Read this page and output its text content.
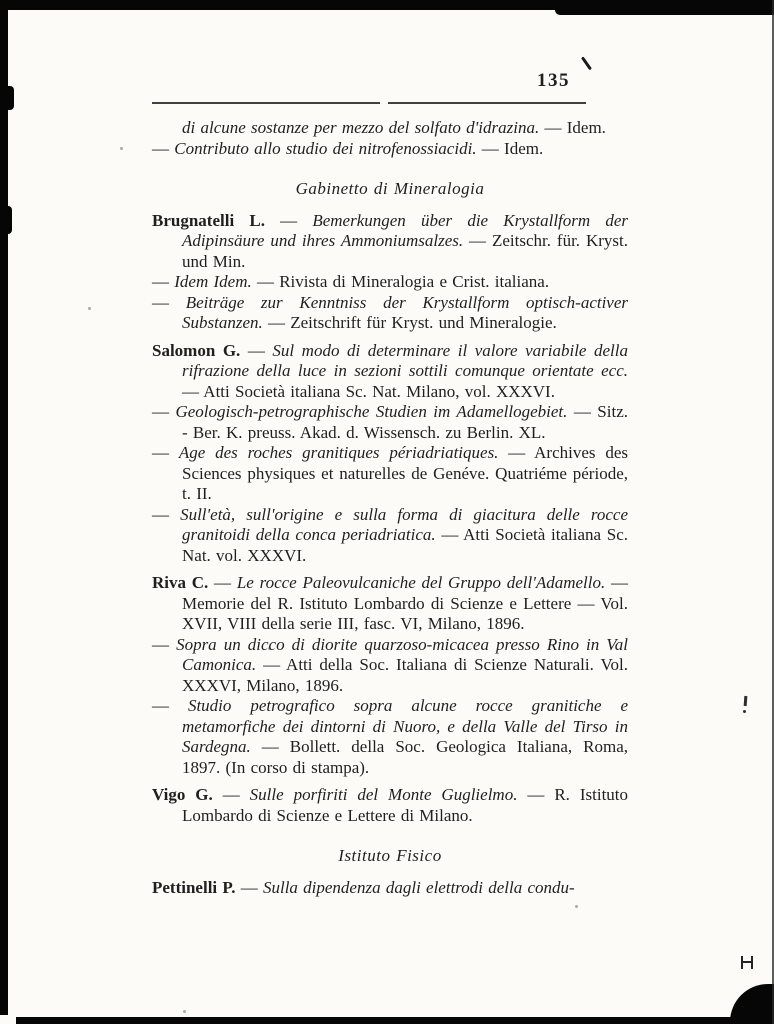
135

di alcune sostanze per mezzo del solfato d'idrazina. — Idem.

— Contributo allo studio dei nitrofenossiacidi. — Idem.

Gabinetto di Mineralogia

Brugnatelli L. — Bemerkungen über die Krystallform der Adipinsäure und ihres Ammoniumsalzes. — Zeitschr. für. Kryst. und Min.

— Idem Idem. — Rivista di Mineralogia e Crist. italiana.

— Beiträge zur Kenntniss der Krystallform optisch-activer Substanzen. — Zeitschrift für Kryst. und Mineralogie.

Salomon G. — Sul modo di determinare il valore variabile della rifrazione della luce in sezioni sottili comunque orientate ecc. — Atti Società italiana Sc. Nat. Milano, vol. XXXVI.

— Geologisch-petrographische Studien im Adamellogebiet. — Sitz. - Ber. K. preuss. Akad. d. Wissensch. zu Berlin. XL.

— Age des roches granitiques périadriatiques. — Archives des Sciences physiques et naturelles de Genéve. Quatriéme période, t. II.

— Sull'età, sull'origine e sulla forma di giacitura delle rocce granitoidi della conca periadriatica. — Atti Società italiana Sc. Nat. vol. XXXVI.

Riva C. — Le rocce Paleovulcaniche del Gruppo dell'Adamello. — Memorie del R. Istituto Lombardo di Scienze e Lettere — Vol. XVII, VIII della serie III, fasc. VI, Milano, 1896.

— Sopra un dicco di diorite quarzoso-micacea presso Rino in Val Camonica. — Atti della Soc. Italiana di Scienze Naturali. Vol. XXXVI, Milano, 1896.

— Studio petrografico sopra alcune rocce granitiche e metamorfiche dei dintorni di Nuoro, e della Valle del Tirso in Sardegna. — Bollett. della Soc. Geologica Italiana, Roma, 1897. (In corso di stampa).

Vigo G. — Sulle porfiriti del Monte Guglielmo. — R. Istituto Lombardo di Scienze e Lettere di Milano.

Istituto Fisico

Pettinelli P. — Sulla dipendenza dagli elettrodi della condu-
